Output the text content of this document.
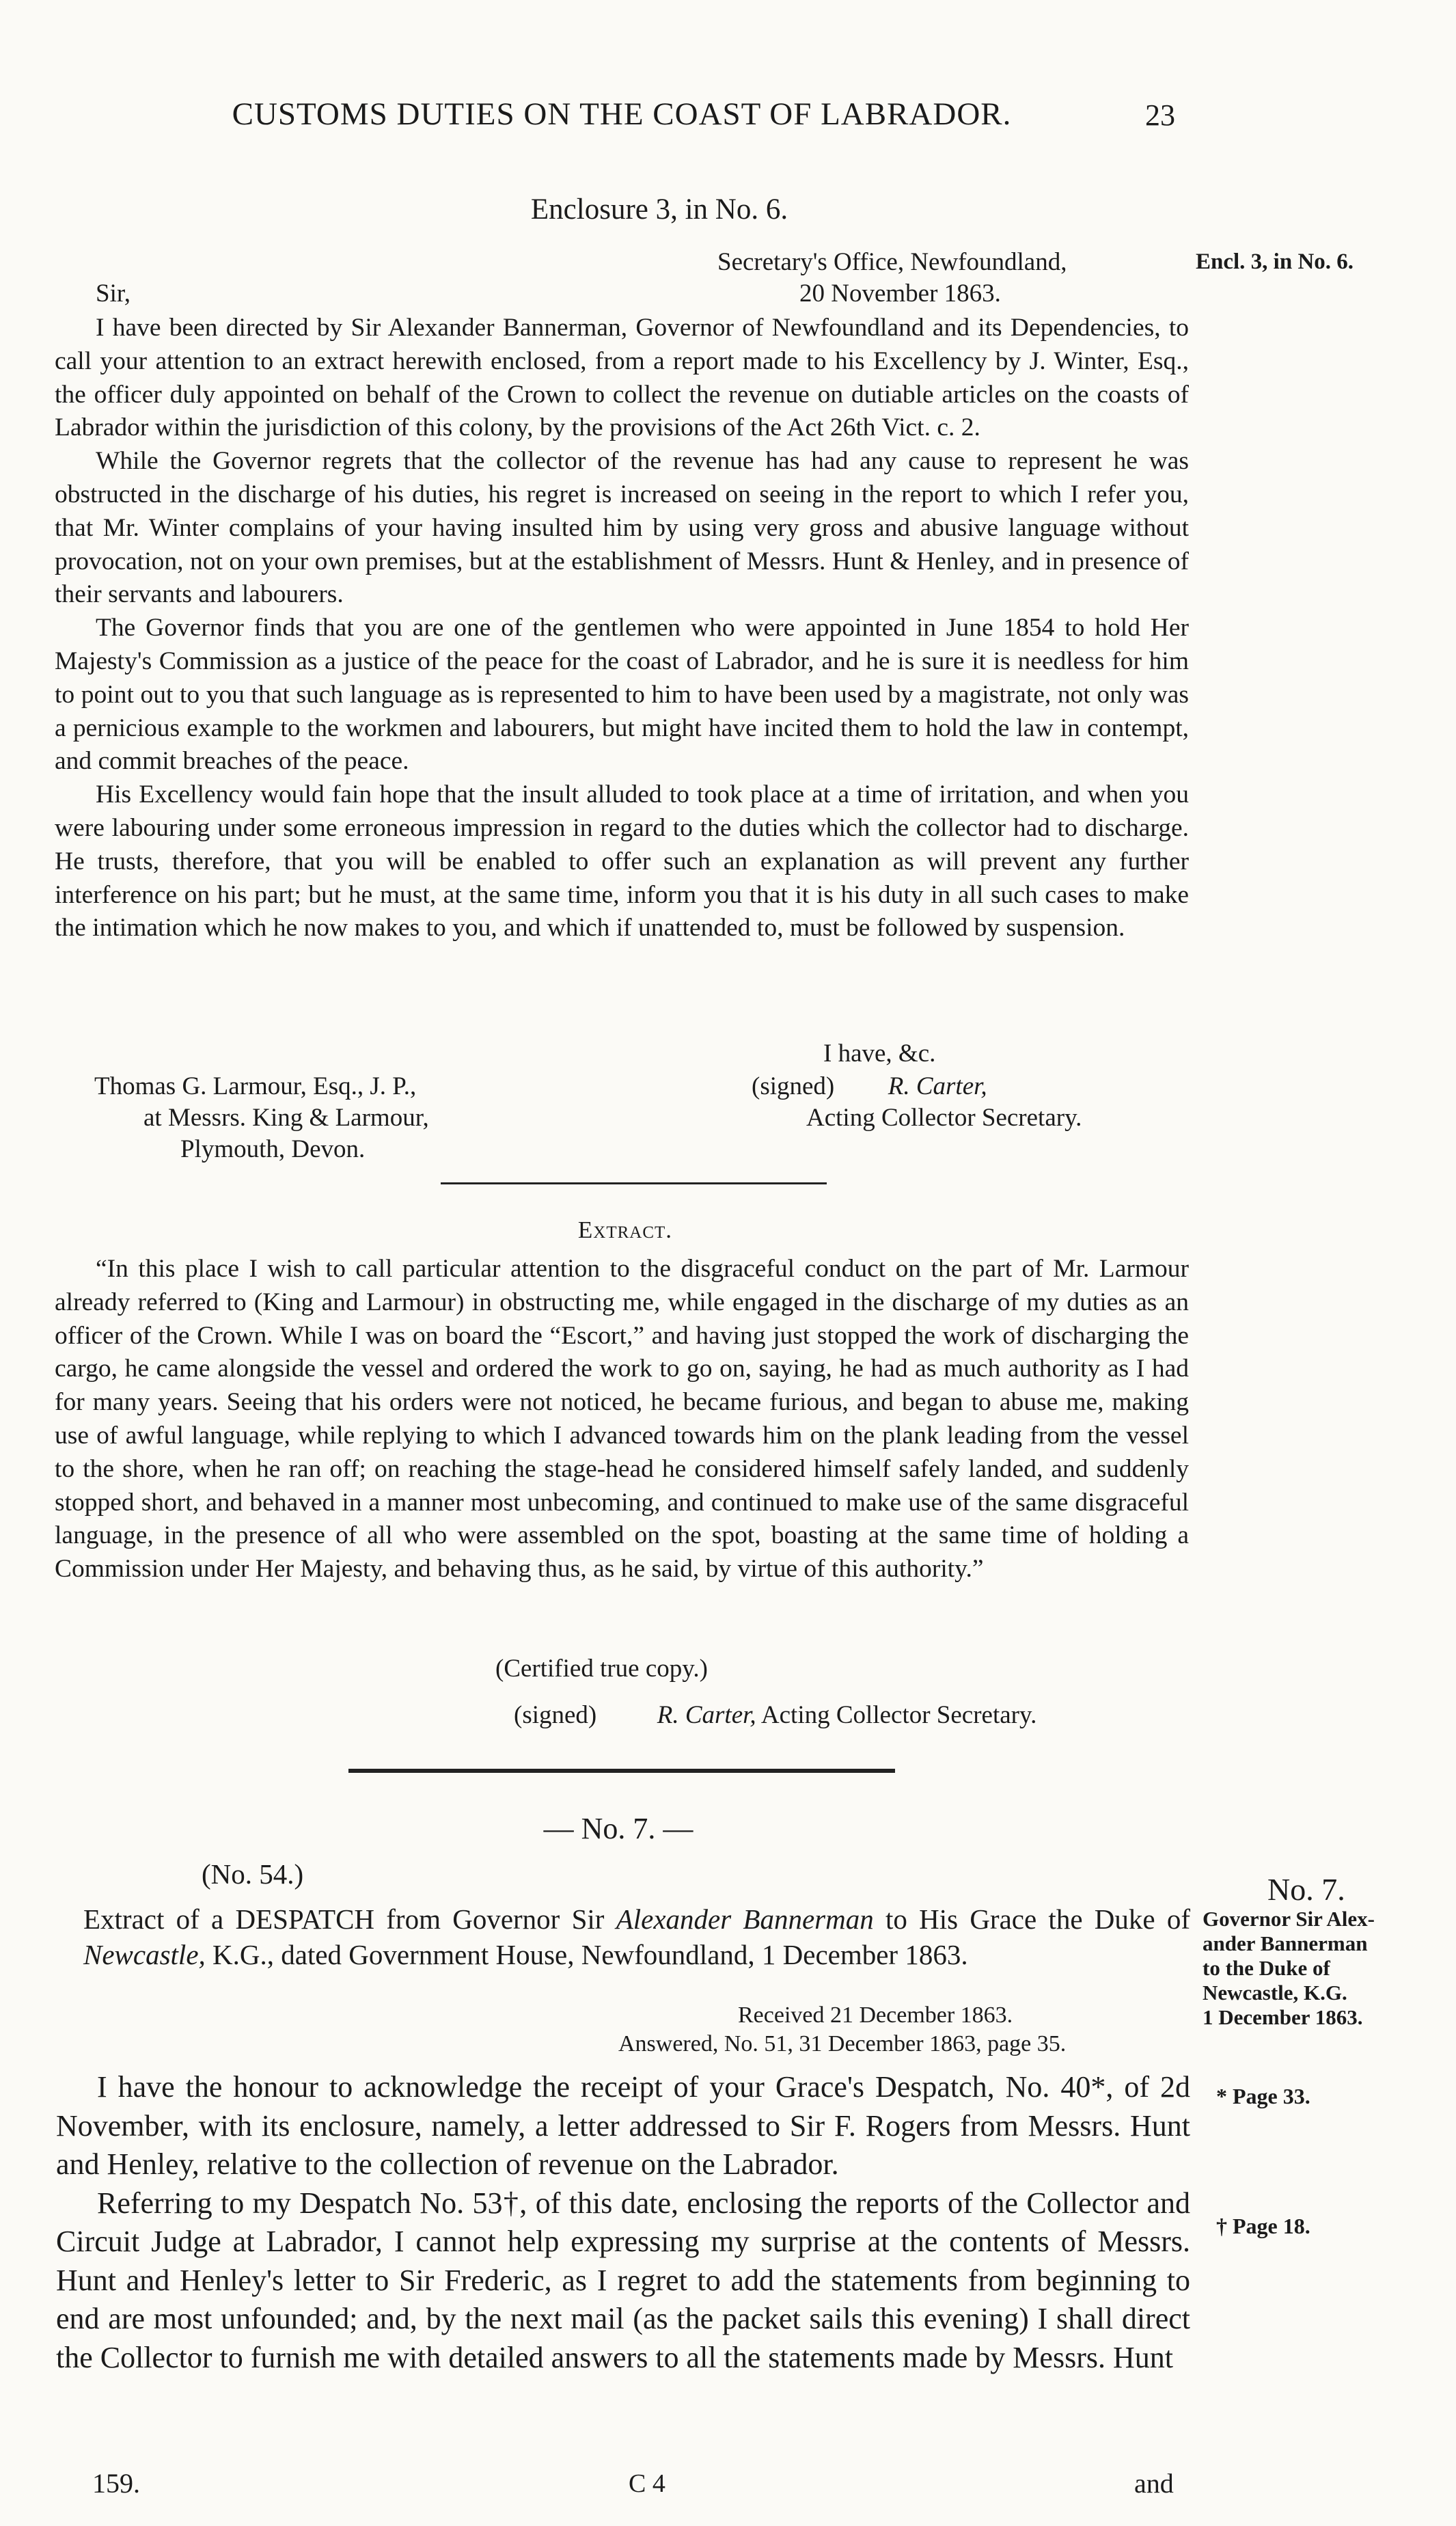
CUSTOMS DUTIES ON THE COAST OF LABRADOR.	23
Enclosure 3, in No. 6.
Encl. 3, in No. 6.
Secretary's Office, Newfoundland,
20 November 1863.
Sir,

I have been directed by Sir Alexander Bannerman, Governor of Newfoundland and its Dependencies, to call your attention to an extract herewith enclosed, from a report made to his Excellency by J. Winter, Esq., the officer duly appointed on behalf of the Crown to collect the revenue on dutiable articles on the coasts of Labrador within the jurisdiction of this colony, by the provisions of the Act 26th Vict. c. 2.

While the Governor regrets that the collector of the revenue has had any cause to represent he was obstructed in the discharge of his duties, his regret is increased on seeing in the report to which I refer you, that Mr. Winter complains of your having insulted him by using very gross and abusive language without provocation, not on your own premises, but at the establishment of Messrs. Hunt & Henley, and in presence of their servants and labourers.

The Governor finds that you are one of the gentlemen who were appointed in June 1854 to hold Her Majesty's Commission as a justice of the peace for the coast of Labrador, and he is sure it is needless for him to point out to you that such language as is represented to him to have been used by a magistrate, not only was a pernicious example to the workmen and labourers, but might have incited them to hold the law in contempt, and commit breaches of the peace.

His Excellency would fain hope that the insult alluded to took place at a time of irritation, and when you were labouring under some erroneous impression in regard to the duties which the collector had to discharge. He trusts, therefore, that you will be enabled to offer such an explanation as will prevent any further interference on his part; but he must, at the same time, inform you that it is his duty in all such cases to make the intimation which he now makes to you, and which if unattended to, must be followed by suspension.

I have, &c.
(signed) R. Carter,
Acting Collector Secretary.
Thomas G. Larmour, Esq., J. P.,
at Messrs. King & Larmour,
Plymouth, Devon.
Extract.

“In this place I wish to call particular attention to the disgraceful conduct on the part of Mr. Larmour already referred to (King and Larmour) in obstructing me, while engaged in the discharge of my duties as an officer of the Crown. While I was on board the “Escort,” and having just stopped the work of discharging the cargo, he came alongside the vessel and ordered the work to go on, saying, he had as much authority as I had for many years. Seeing that his orders were not noticed, he became furious, and began to abuse me, making use of awful language, while replying to which I advanced towards him on the plank leading from the vessel to the shore, when he ran off; on reaching the stage-head he considered himself safely landed, and suddenly stopped short, and behaved in a manner most unbecoming, and continued to make use of the same disgraceful language, in the presence of all who were assembled on the spot, boasting at the same time of holding a Commission under Her Majesty, and behaving thus, as he said, by virtue of this authority.”

(Certified true copy.)
(signed) R. Carter, Acting Collector Secretary.
— No. 7. —
(No. 54.)
Extract of a DESPATCH from Governor Sir Alexander Bannerman to His Grace the Duke of Newcastle, K.G., dated Government House, Newfoundland, 1 December 1863.
Received 21 December 1863.
Answered, No. 51, 31 December 1863, page 35.
No. 7.
Governor Sir Alex-
ander Bannerman
to the Duke of
Newcastle, K.G.
1 December 1863.
* Page 33.
† Page 18.

I have the honour to acknowledge the receipt of your Grace's Despatch, No. 40*, of 2d November, with its enclosure, namely, a letter addressed to Sir F. Rogers from Messrs. Hunt and Henley, relative to the collection of revenue on the Labrador.

Referring to my Despatch No. 53†, of this date, enclosing the reports of the Collector and Circuit Judge at Labrador, I cannot help expressing my surprise at the contents of Messrs. Hunt and Henley's letter to Sir Frederic, as I regret to add the statements from beginning to end are most unfounded; and, by the next mail (as the packet sails this evening) I shall direct the Collector to furnish me with detailed answers to all the statements made by Messrs. Hunt

159.	C 4	and
